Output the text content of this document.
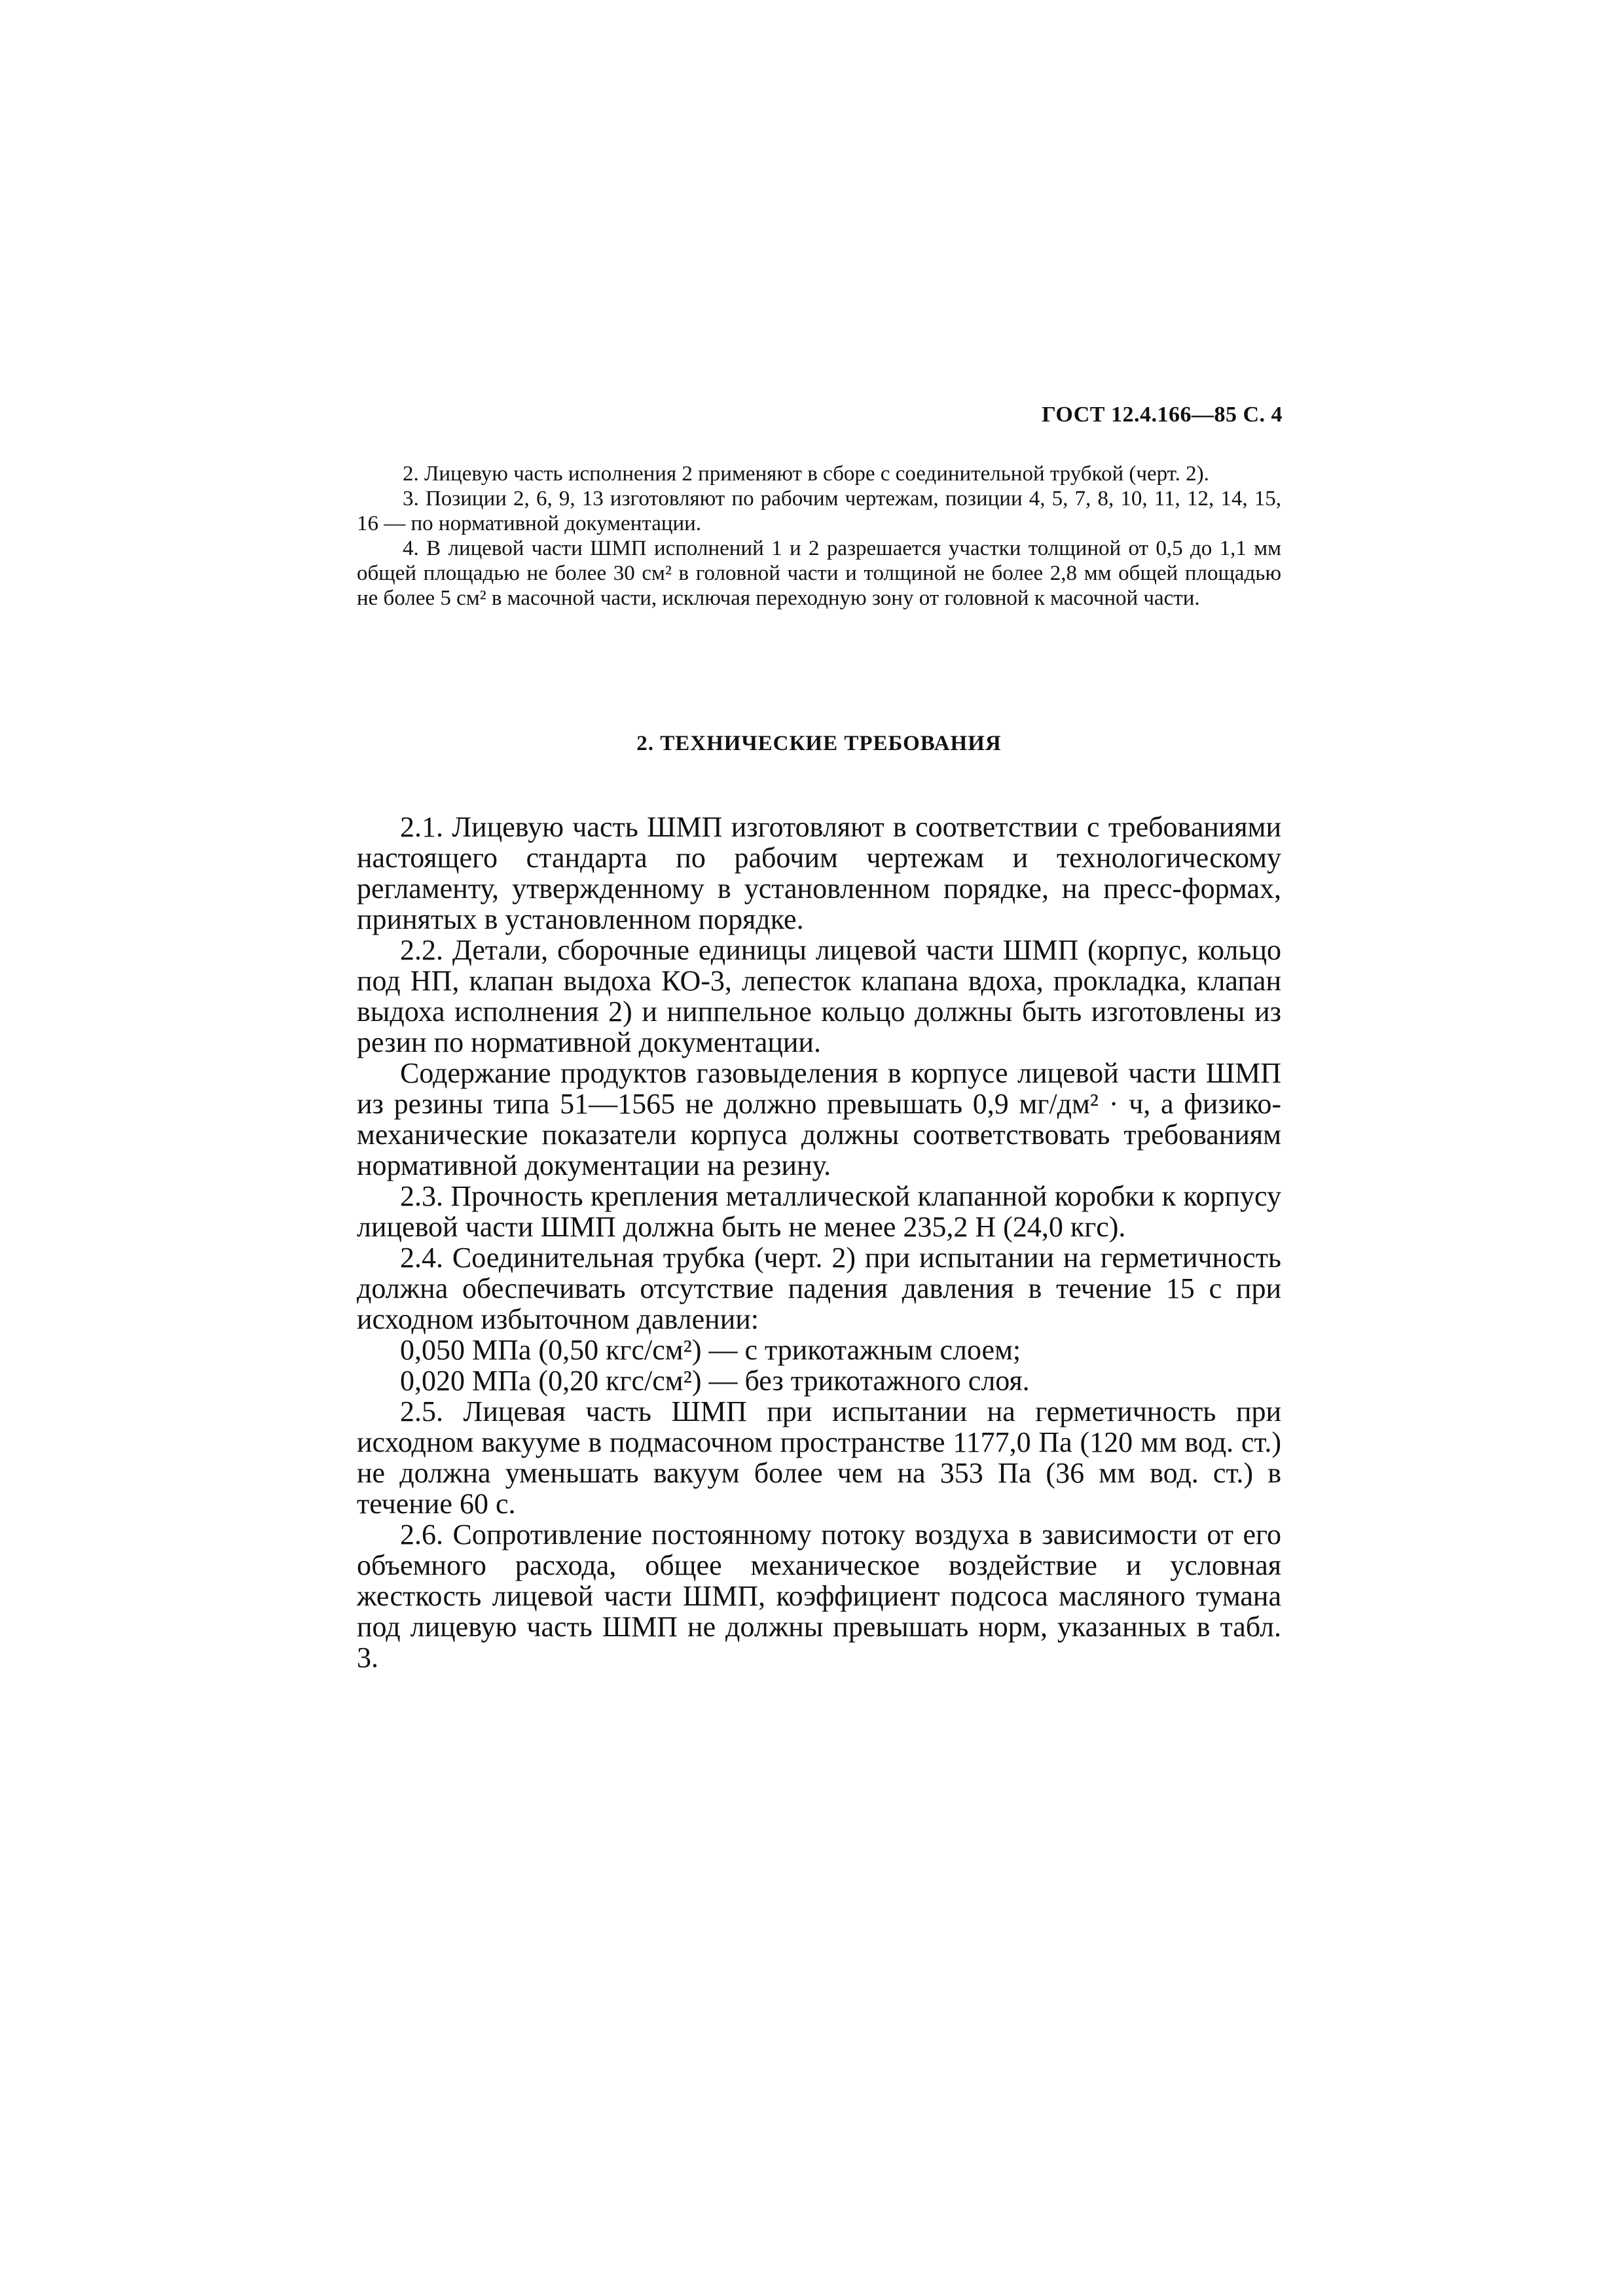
ГОСТ 12.4.166—85 С. 4

2. Лицевую часть исполнения 2 применяют в сборе с соединительной трубкой (черт. 2).

3. Позиции 2, 6, 9, 13 изготовляют по рабочим чертежам, позиции 4, 5, 7, 8, 10, 11, 12, 14, 15, 16 — по нормативной документации.

4. В лицевой части ШМП исполнений 1 и 2 разрешается участки толщиной от 0,5 до 1,1 мм общей площадью не более 30 см² в головной части и толщиной не более 2,8 мм общей площадью не более 5 см² в масочной части, исключая переходную зону от головной к масочной части.

2. ТЕХНИЧЕСКИЕ ТРЕБОВАНИЯ

2.1. Лицевую часть ШМП изготовляют в соответствии с требованиями настоящего стандарта по рабочим чертежам и технологическому регламенту, утвержденному в установленном порядке, на пресс-формах, принятых в установленном порядке.

2.2. Детали, сборочные единицы лицевой части ШМП (корпус, кольцо под НП, клапан выдоха КО-3, лепесток клапана вдоха, прокладка, клапан выдоха исполнения 2) и ниппельное кольцо должны быть изготовлены из резин по нормативной документации.

Содержание продуктов газовыделения в корпусе лицевой части ШМП из резины типа 51—1565 не должно превышать 0,9 мг/дм² · ч, а физико-механические показатели корпуса должны соответствовать требованиям нормативной документации на резину.

2.3. Прочность крепления металлической клапанной коробки к корпусу лицевой части ШМП должна быть не менее 235,2 Н (24,0 кгс).

2.4. Соединительная трубка (черт. 2) при испытании на герметичность должна обеспечивать отсутствие падения давления в течение 15 с при исходном избыточном давлении:

0,050 МПа (0,50 кгс/см²) — с трикотажным слоем;

0,020 МПа (0,20 кгс/см²) — без трикотажного слоя.

2.5. Лицевая часть ШМП при испытании на герметичность при исходном вакууме в подмасочном пространстве 1177,0 Па (120 мм вод. ст.) не должна уменьшать вакуум более чем на 353 Па (36 мм вод. ст.) в течение 60 с.

2.6. Сопротивление постоянному потоку воздуха в зависимости от его объемного расхода, общее механическое воздействие и условная жесткость лицевой части ШМП, коэффициент подсоса масляного тумана под лицевую часть ШМП не должны превышать норм, указанных в табл. 3.
